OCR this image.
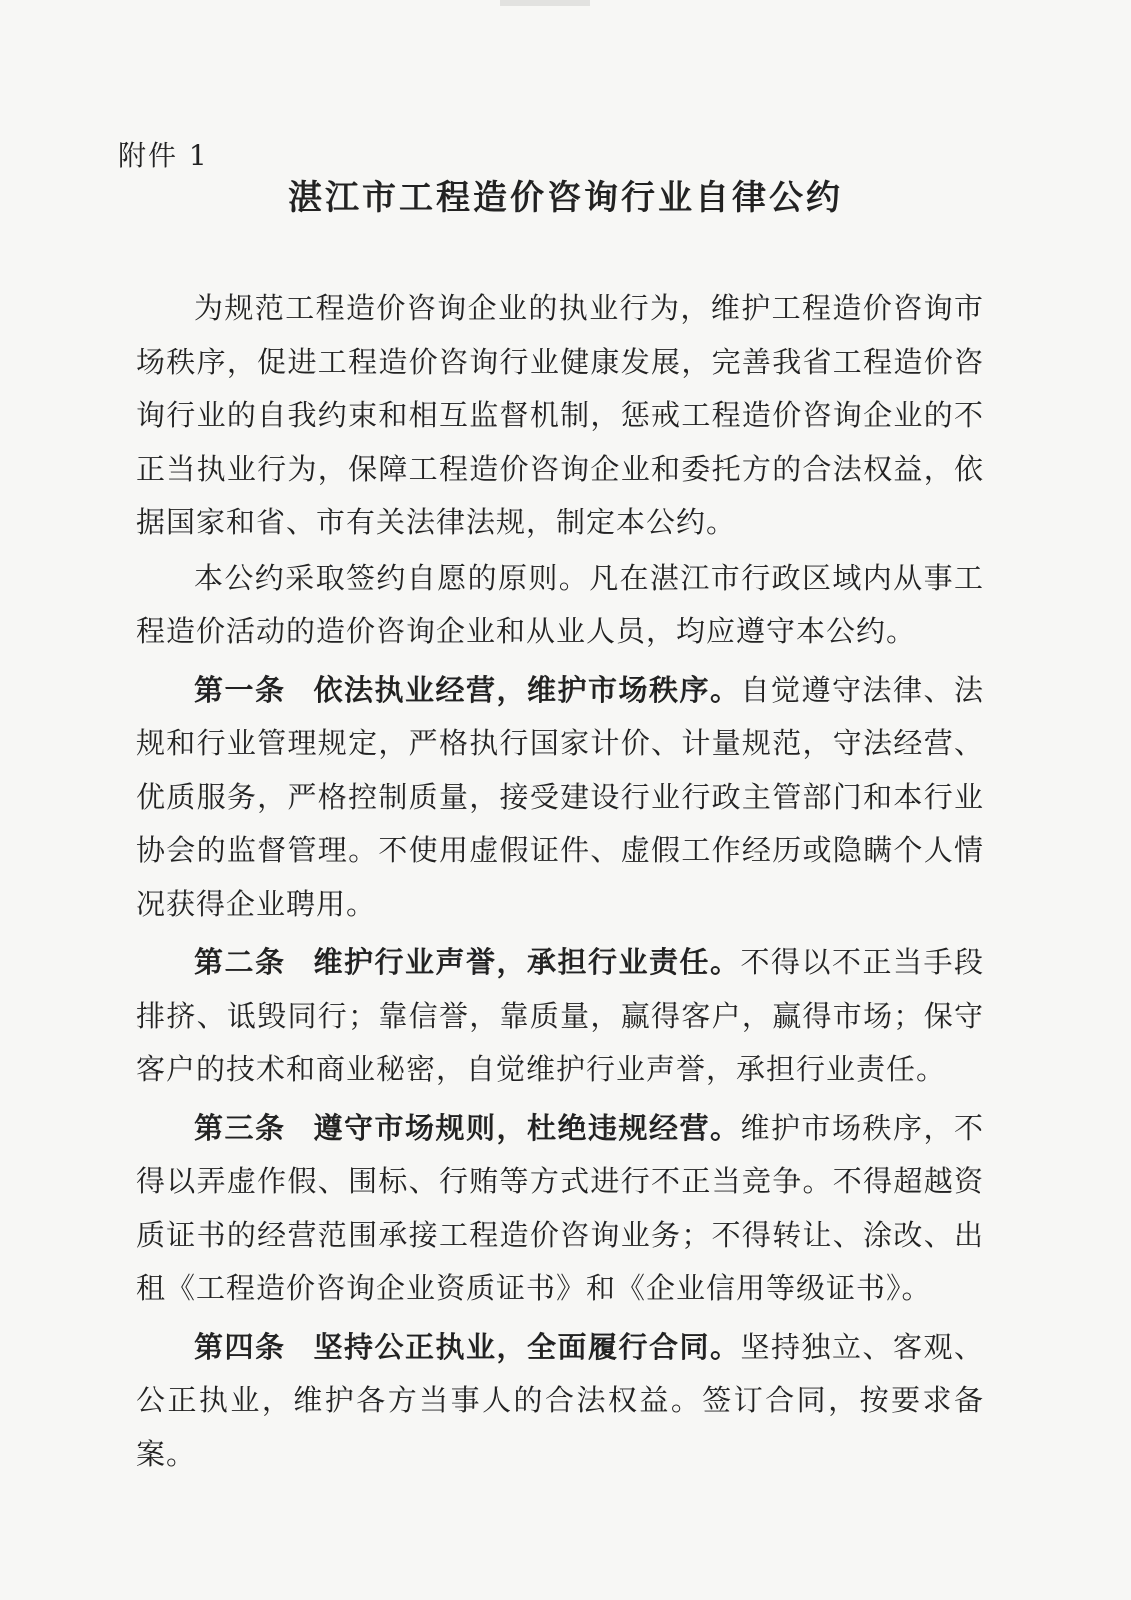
附件 1
湛江市工程造价咨询行业自律公约

为规范工程造价咨询企业的执业行为，维护工程造价咨询市场秩序，促进工程造价咨询行业健康发展，完善我省工程造价咨询行业的自我约束和相互监督机制，惩戒工程造价咨询企业的不正当执业行为，保障工程造价咨询企业和委托方的合法权益，依据国家和省、市有关法律法规，制定本公约。

本公约采取签约自愿的原则。凡在湛江市行政区域内从事工程造价活动的造价咨询企业和从业人员，均应遵守本公约。

第一条 依法执业经营，维护市场秩序。自觉遵守法律、法规和行业管理规定，严格执行国家计价、计量规范，守法经营、优质服务，严格控制质量，接受建设行业行政主管部门和本行业协会的监督管理。不使用虚假证件、虚假工作经历或隐瞒个人情况获得企业聘用。

第二条 维护行业声誉，承担行业责任。不得以不正当手段排挤、诋毁同行；靠信誉，靠质量，赢得客户，赢得市场；保守客户的技术和商业秘密，自觉维护行业声誉，承担行业责任。

第三条 遵守市场规则，杜绝违规经营。维护市场秩序，不得以弄虚作假、围标、行贿等方式进行不正当竞争。不得超越资质证书的经营范围承接工程造价咨询业务；不得转让、涂改、出租《工程造价咨询企业资质证书》和《企业信用等级证书》。

第四条 坚持公正执业，全面履行合同。坚持独立、客观、公正执业，维护各方当事人的合法权益。签订合同，按要求备案。
